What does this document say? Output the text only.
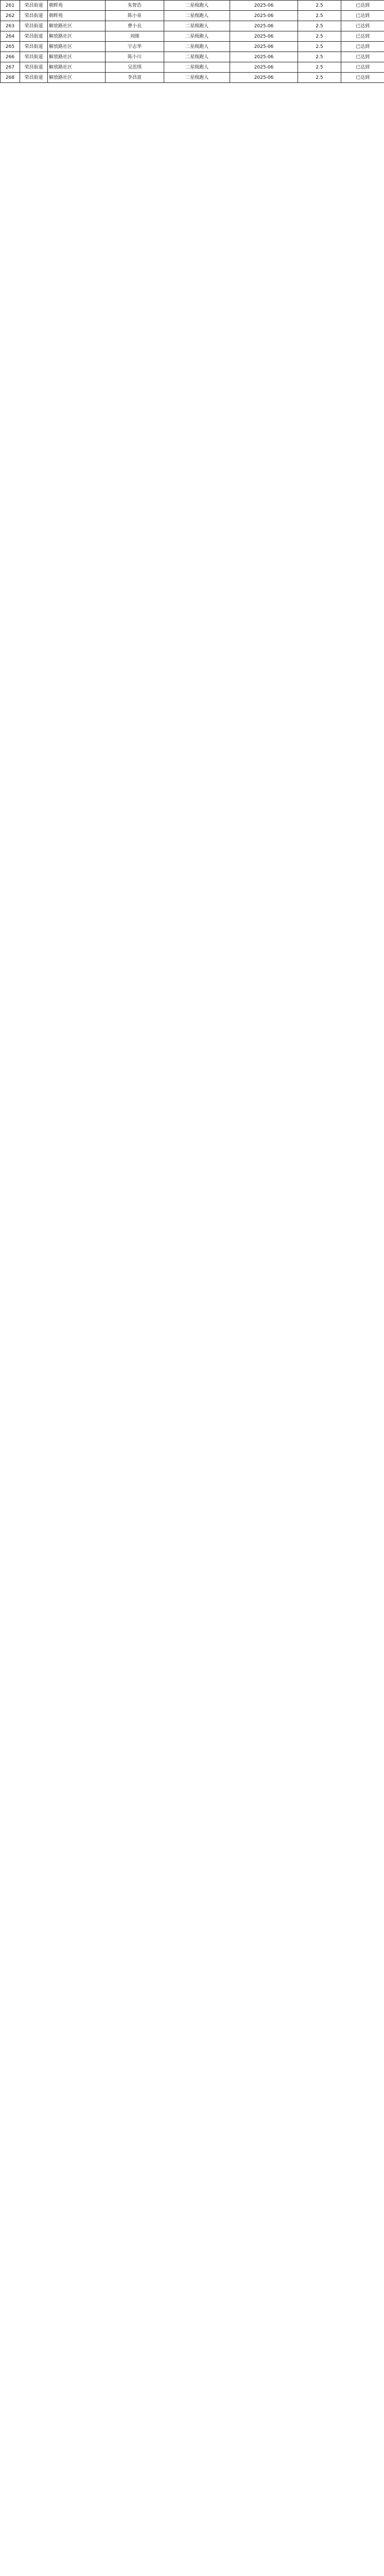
261	荣昌街道	朝晖苑	朱智浩	二星级跑人	2025-06	2.5	已达到
262	荣昌街道	朝晖苑	陈小泉	二星级跑人	2025-06	2.5	已达到
263	荣昌街道	解放路社区	曹小良	二星级跑人	2025-06	2.5	已达到
264	荣昌街道	解放路社区	刘刚	二星级跑人	2025-06	2.5	已达到
265	荣昌街道	解放路社区	宇志华	二星级跑人	2025-06	2.5	已达到
266	荣昌街道	解放路社区	陈小川	二星级跑人	2025-06	2.5	已达到
267	荣昌街道	解放路社区	吴思琪	二星级跑人	2025-06	2.5	已达到
268	荣昌街道	解放路社区	李昌富	二星级跑人	2025-06	2.5	已达到
